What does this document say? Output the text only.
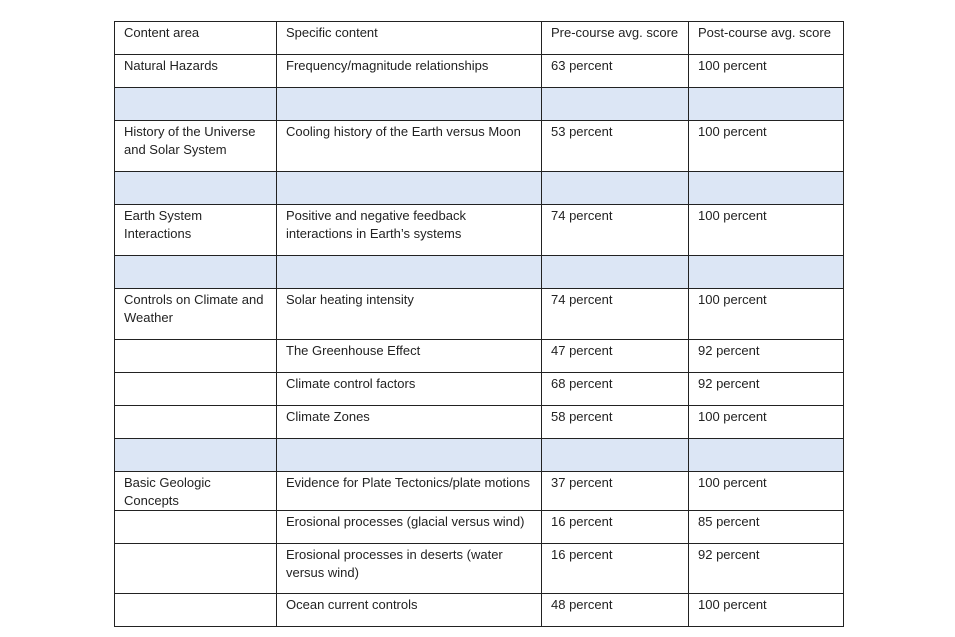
Content area	Specific content	Pre-course avg. score	Post-course avg. score
Natural Hazards	Frequency/magnitude relationships	63 percent	100 percent

History of the Universe and Solar System	Cooling history of the Earth versus Moon	53 percent	100 percent

Earth System Interactions	Positive and negative feedback interactions in Earth’s systems	74 percent	100 percent

Controls on Climate and Weather	Solar heating intensity	74 percent	100 percent
	The Greenhouse Effect	47 percent	92 percent
	Climate control factors	68 percent	92 percent
	Climate Zones	58 percent	100 percent

Basic Geologic Concepts	Evidence for Plate Tectonics/plate motions	37 percent	100 percent
	Erosional processes (glacial versus wind)	16 percent	85 percent
	Erosional processes in deserts (water versus wind)	16 percent	92 percent
	Ocean current controls	48 percent	100 percent
